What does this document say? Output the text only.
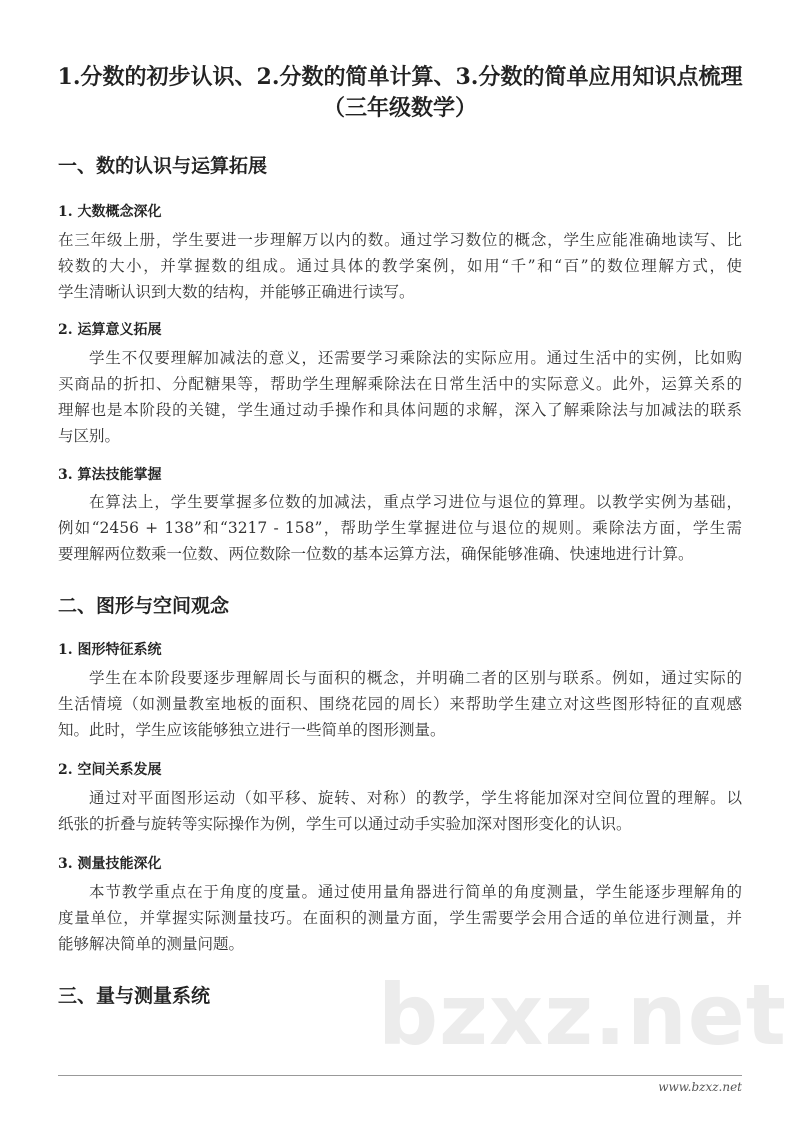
1.分数的初步认识、2.分数的简单计算、3.分数的简单应用知识点梳理
（三年级数学）
一、数的认识与运算拓展
1. 大数概念深化
在三年级上册，学生要进一步理解万以内的数。通过学习数位的概念，学生应能准确地读写、比
较数的大小，并掌握数的组成。通过具体的教学案例，如用“千”和“百”的数位理解方式，使
学生清晰认识到大数的结构，并能够正确进行读写。
2. 运算意义拓展
学生不仅要理解加减法的意义，还需要学习乘除法的实际应用。通过生活中的实例，比如购
买商品的折扣、分配糖果等，帮助学生理解乘除法在日常生活中的实际意义。此外，运算关系的
理解也是本阶段的关键，学生通过动手操作和具体问题的求解，深入了解乘除法与加减法的联系
与区别。
3. 算法技能掌握
在算法上，学生要掌握多位数的加减法，重点学习进位与退位的算理。以教学实例为基础，
例如“2456 + 138”和“3217 - 158”，帮助学生掌握进位与退位的规则。乘除法方面，学生需
要理解两位数乘一位数、两位数除一位数的基本运算方法，确保能够准确、快速地进行计算。
二、图形与空间观念
1. 图形特征系统
学生在本阶段要逐步理解周长与面积的概念，并明确二者的区别与联系。例如，通过实际的
生活情境（如测量教室地板的面积、围绕花园的周长）来帮助学生建立对这些图形特征的直观感
知。此时，学生应该能够独立进行一些简单的图形测量。
2. 空间关系发展
通过对平面图形运动（如平移、旋转、对称）的教学，学生将能加深对空间位置的理解。以
纸张的折叠与旋转等实际操作为例，学生可以通过动手实验加深对图形变化的认识。
3. 测量技能深化
本节教学重点在于角度的度量。通过使用量角器进行简单的角度测量，学生能逐步理解角的
度量单位，并掌握实际测量技巧。在面积的测量方面，学生需要学会用合适的单位进行测量，并
能够解决简单的测量问题。
三、量与测量系统 bzxz.net
www.bzxz.net
